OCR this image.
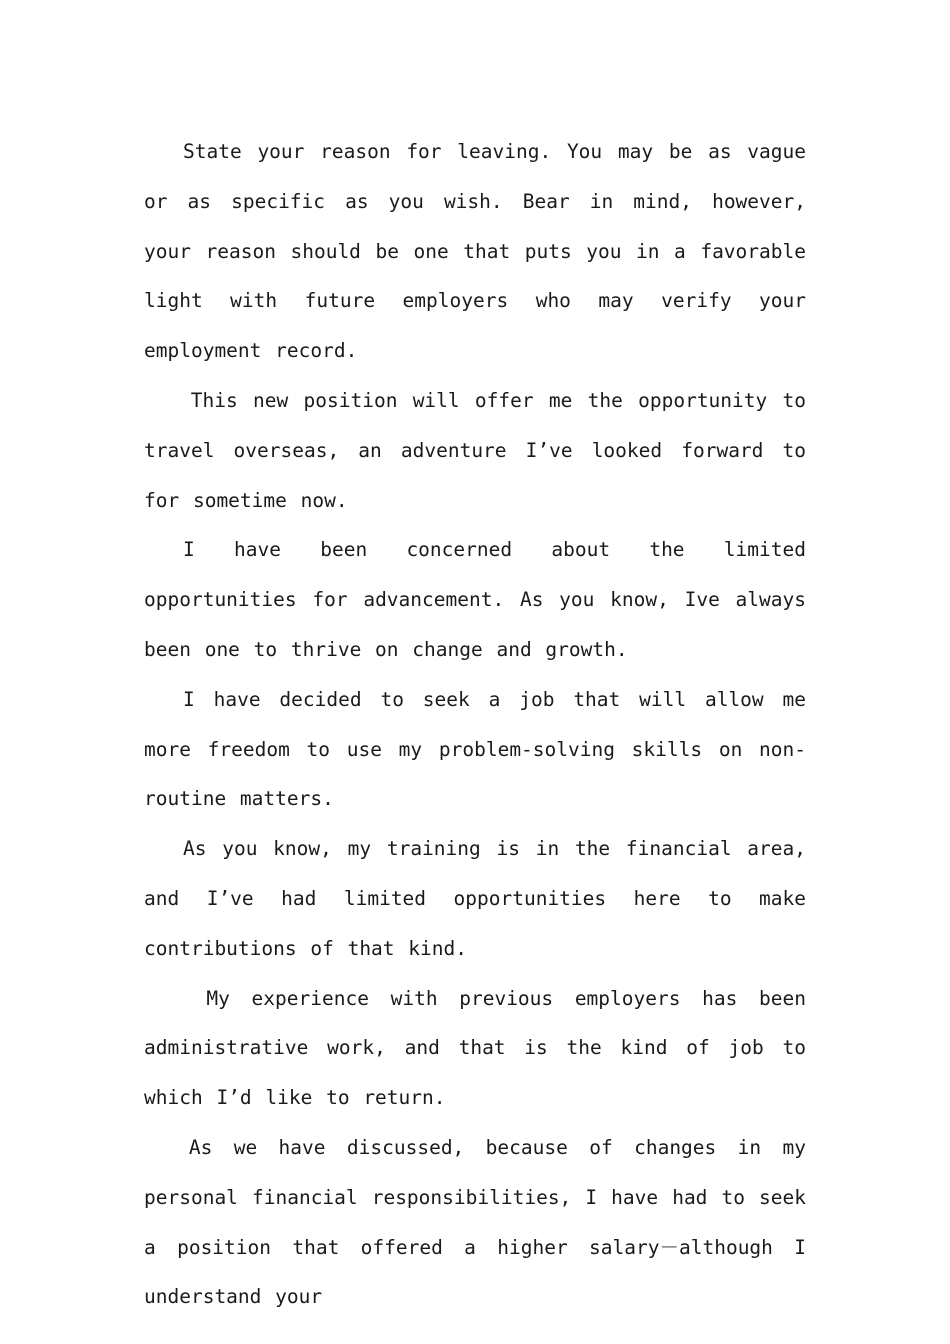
State your reason for leaving. You may be as vague or as specific as you wish. Bear in mind, however, your reason should be one that puts you in a favorable light with future employers who may verify your employment record.

This new position will offer me the opportunity to travel overseas, an adventure I’ve looked forward to for sometime now.

I have been concerned about the limited opportunities for advancement. As you know, Ive always been one to thrive on change and growth.

I have decided to seek a job that will allow me more freedom to use my problem-solving skills on non-routine matters.

As you know, my training is in the financial area, and I’ve had limited opportunities here to make contributions of that kind.

My experience with previous employers has been administrative work, and that is the kind of job to which I’d like to return.

As we have discussed, because of changes in my personal financial responsibilities, I have had to seek a position that offered a higher salary－although I understand your
